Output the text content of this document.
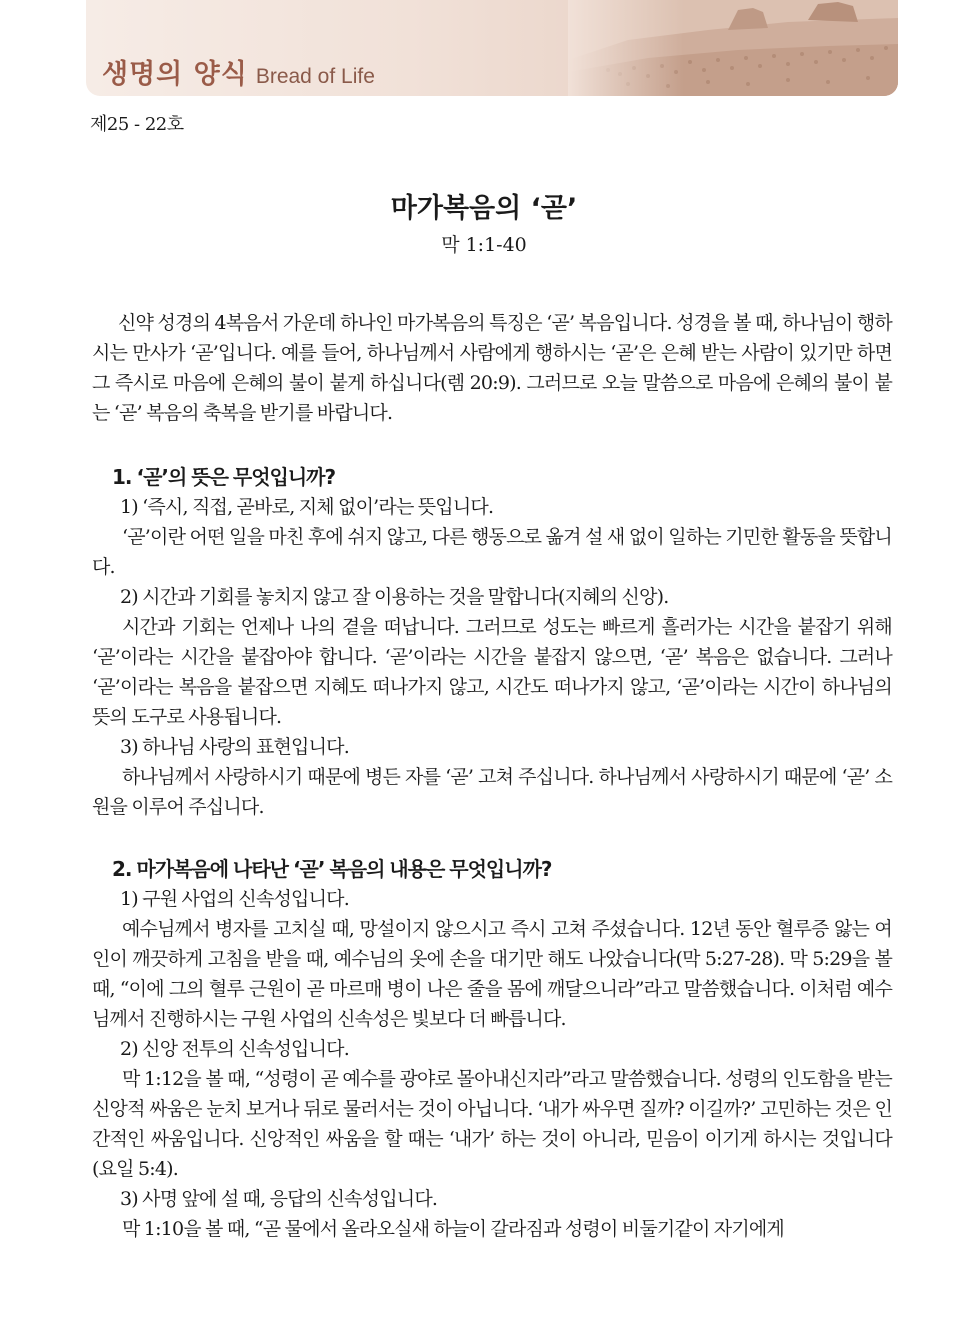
생명의 양식 Bread of Life
제25 - 22호
마가복음의 ‘곧’
막 1:1-40

신약 성경의 4복음서 가운데 하나인 마가복음의 특징은 ‘곧’ 복음입니다. 성경을 볼 때, 하나님이 행하시는 만사가 ‘곧’입니다. 예를 들어, 하나님께서 사람에게 행하시는 ‘곧’은 은혜 받는 사람이 있기만 하면 그 즉시로 마음에 은혜의 불이 붙게 하십니다(렘 20:9). 그러므로 오늘 말씀으로 마음에 은혜의 불이 붙는 ‘곧’ 복음의 축복을 받기를 바랍니다.

1. ‘곧’의 뜻은 무엇입니까?

1) ‘즉시, 직접, 곧바로, 지체 없이’라는 뜻입니다.

‘곧’이란 어떤 일을 마친 후에 쉬지 않고, 다른 행동으로 옮겨 설 새 없이 일하는 기민한 활동을 뜻합니다.

2) 시간과 기회를 놓치지 않고 잘 이용하는 것을 말합니다(지혜의 신앙).

시간과 기회는 언제나 나의 곁을 떠납니다. 그러므로 성도는 빠르게 흘러가는 시간을 붙잡기 위해 ‘곧’이라는 시간을 붙잡아야 합니다. ‘곧’이라는 시간을 붙잡지 않으면, ‘곧’ 복음은 없습니다. 그러나 ‘곧’이라는 복음을 붙잡으면 지혜도 떠나가지 않고, 시간도 떠나가지 않고, ‘곧’이라는 시간이 하나님의 뜻의 도구로 사용됩니다.

3) 하나님 사랑의 표현입니다.

하나님께서 사랑하시기 때문에 병든 자를 ‘곧’ 고쳐 주십니다. 하나님께서 사랑하시기 때문에 ‘곧’ 소원을 이루어 주십니다.

2. 마가복음에 나타난 ‘곧’ 복음의 내용은 무엇입니까?

1) 구원 사업의 신속성입니다.

예수님께서 병자를 고치실 때, 망설이지 않으시고 즉시 고쳐 주셨습니다. 12년 동안 혈루증 앓는 여인이 깨끗하게 고침을 받을 때, 예수님의 옷에 손을 대기만 해도 나았습니다(막 5:27-28). 막 5:29을 볼 때, “이에 그의 혈루 근원이 곧 마르매 병이 나은 줄을 몸에 깨달으니라”라고 말씀했습니다. 이처럼 예수님께서 진행하시는 구원 사업의 신속성은 빛보다 더 빠릅니다.

2) 신앙 전투의 신속성입니다.

막 1:12을 볼 때, “성령이 곧 예수를 광야로 몰아내신지라”라고 말씀했습니다. 성령의 인도함을 받는 신앙적 싸움은 눈치 보거나 뒤로 물러서는 것이 아닙니다. ‘내가 싸우면 질까? 이길까?’ 고민하는 것은 인간적인 싸움입니다. 신앙적인 싸움을 할 때는 ‘내가’ 하는 것이 아니라, 믿음이 이기게 하시는 것입니다(요일 5:4).

3) 사명 앞에 설 때, 응답의 신속성입니다.

막 1:10을 볼 때, “곧 물에서 올라오실새 하늘이 갈라짐과 성령이 비둘기같이 자기에게
